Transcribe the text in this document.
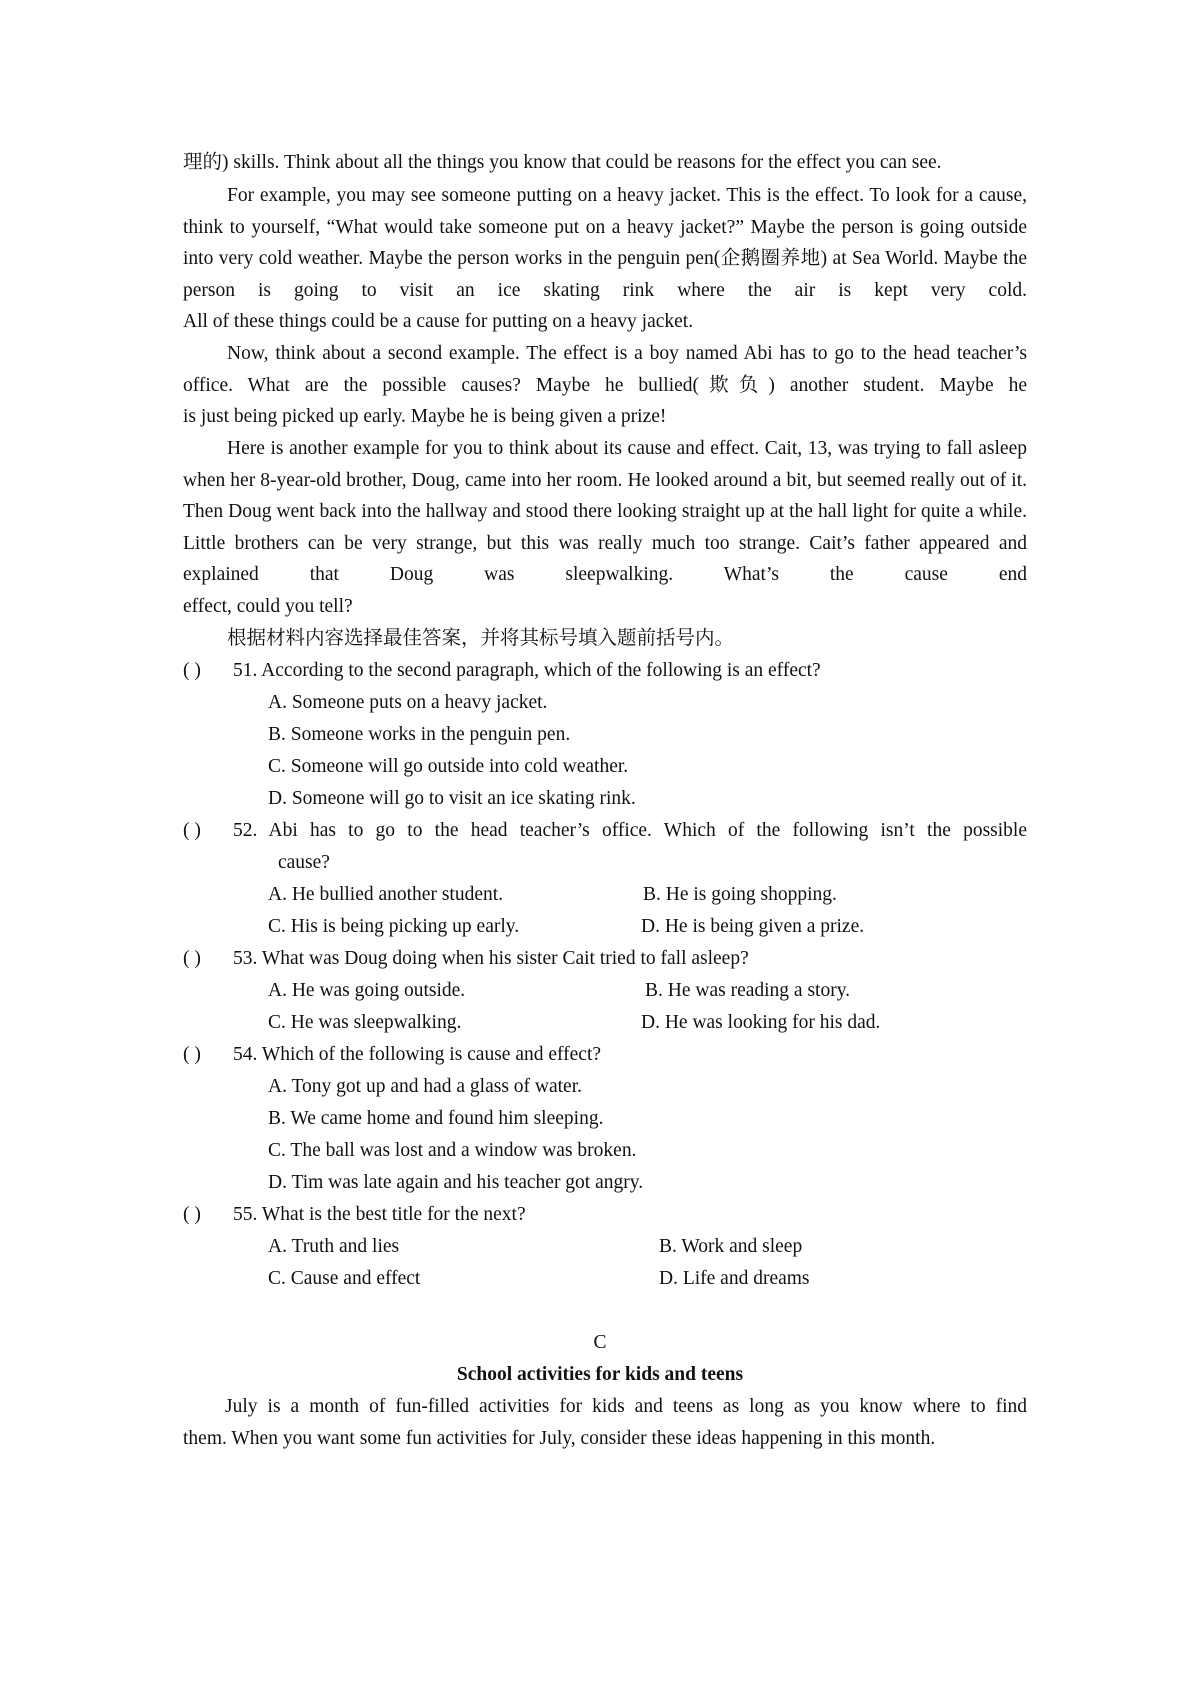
理的) skills. Think about all the things you know that could be reasons for the effect you can see.
For example, you may see someone putting on a heavy jacket. This is the effect. To look for a cause, think to yourself, “What would take someone put on a heavy jacket?” Maybe the person is going outside into very cold weather. Maybe the person works in the penguin pen(企鹅圈养地) at Sea World. Maybe the person is going to visit an ice skating rink where the air is kept very cold.
All of these things could be a cause for putting on a heavy jacket.
Now, think about a second example. The effect is a boy named Abi has to go to the head teacher’s office. What are the possible causes? Maybe he bullied(欺负) another student. Maybe he
is just being picked up early. Maybe he is being given a prize!
Here is another example for you to think about its cause and effect. Cait, 13, was trying to fall asleep when her 8-year-old brother, Doug, came into her room. He looked around a bit, but seemed really out of it. Then Doug went back into the hallway and stood there looking straight up at the hall light for quite a while. Little brothers can be very strange, but this was really much too strange. Cait’s father appeared and explained that Doug was sleepwalking. What’s the cause end
effect, could you tell?
根据材料内容选择最佳答案，并将其标号填入题前括号内。
( ) 51. According to the second paragraph, which of the following is an effect?
A. Someone puts on a heavy jacket.
B. Someone works in the penguin pen.
C. Someone will go outside into cold weather.
D. Someone will go to visit an ice skating rink.
( ) 52. Abi has to go to the head teacher’s office. Which of the following isn’t the possible
cause?
A. He bullied another student.	B. He is going shopping.
C. His is being picking up early.	D. He is being given a prize.
( ) 53. What was Doug doing when his sister Cait tried to fall asleep?
A. He was going outside.	B. He was reading a story.
C. He was sleepwalking.	D. He was looking for his dad.
( ) 54. Which of the following is cause and effect?
A. Tony got up and had a glass of water.
B. We came home and found him sleeping.
C. The ball was lost and a window was broken.
D. Tim was late again and his teacher got angry.
( ) 55. What is the best title for the next?
A. Truth and lies	B. Work and sleep
C. Cause and effect	D. Life and dreams
C
School activities for kids and teens
July is a month of fun-filled activities for kids and teens as long as you know where to find
them. When you want some fun activities for July, consider these ideas happening in this month.
